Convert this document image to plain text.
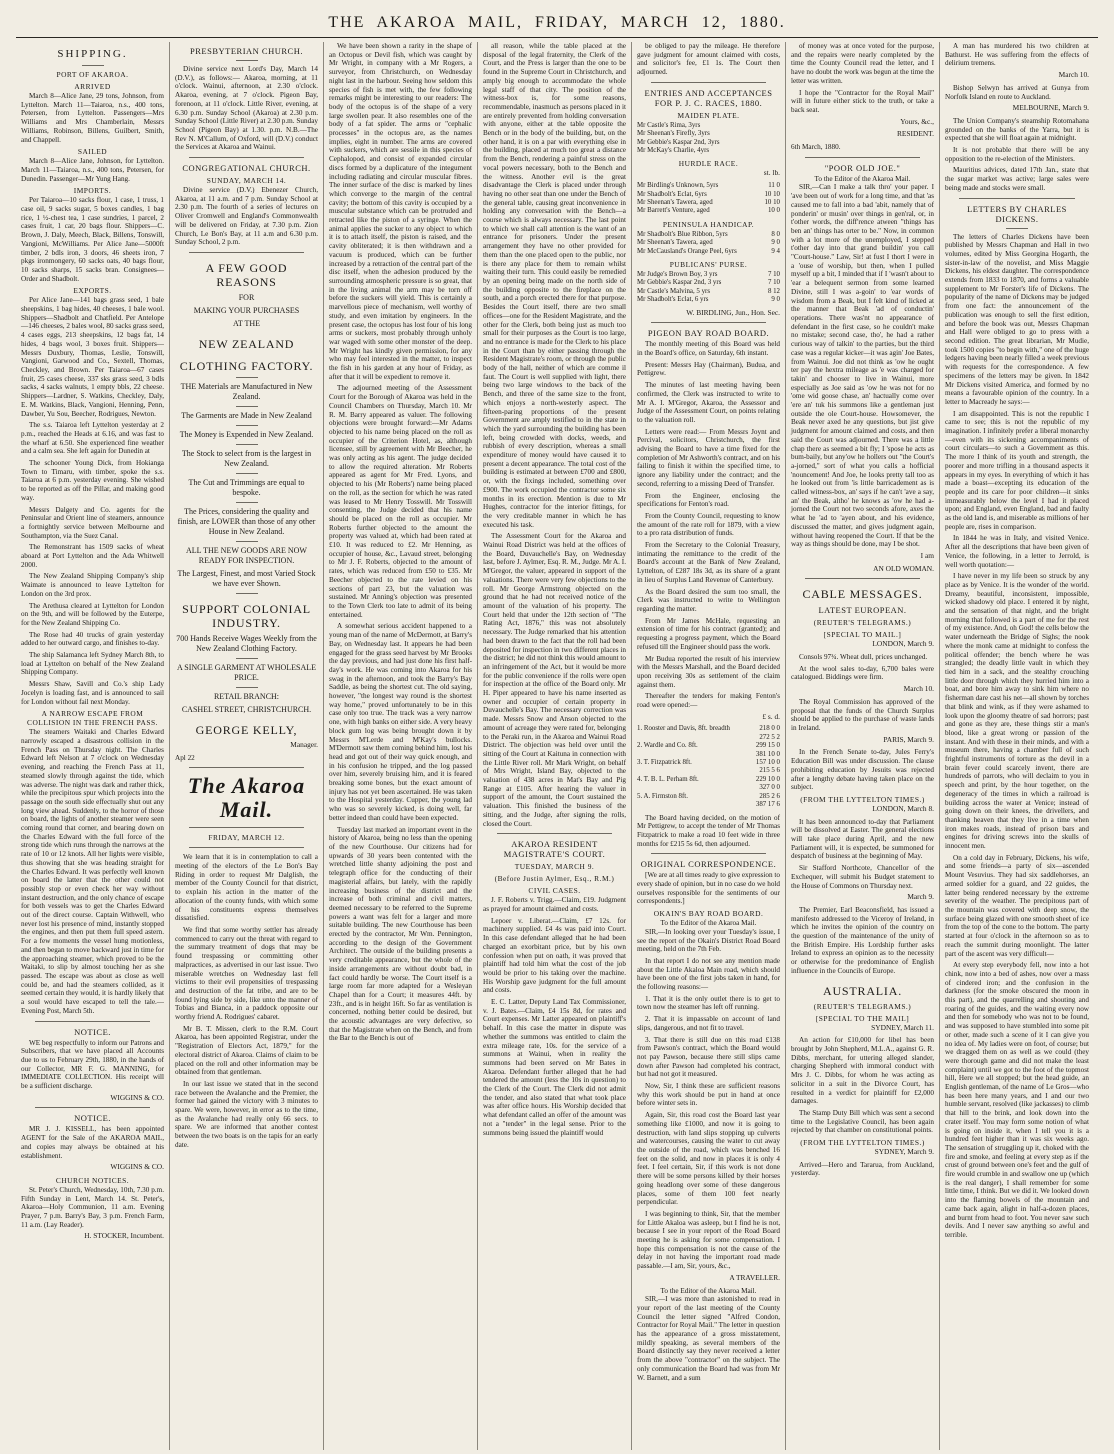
THE  AKAROA  MAIL,  FRIDAY,  MARCH  12,  1880.
SHIPPING.
PORT OF AKAROA.
ARRIVED

March 8—Alice Jane, 29 tons, Johnson, from Lyttelton. March 11—Taiaroa, n.s., 400 tons, Petersen, from Lyttelton. Passengers—Mrs Williams and Mrs Chamberlain, Messrs Williams, Robinson, Billens, Guilbert, Smith, and Chappell.

SAILED

March 8—Alice Jane, Johnson, for Lyttelton. March 11—Taiaroa, n.s., 400 tons, Petersen, for Dunedin. Passenger—Mr Yung Hang.

IMPORTS.

Per Taiaroa—10 sacks flour, 1 case, 1 truss, 1 case oil, 9 sacks sugar, 5 boxes candles, 1 bag rice, 1 ½-chest tea, 1 case sundries, 1 parcel, 2 cases fruit, 1 car, 20 bags flour. Shippers—C. Brown, J. Daly, Meech, Black, Billens, Tonswill, Vangioni, McWilliams. Per Alice Jane—5000ft timber, 2 bdls iron, 3 doors, 46 sheets iron, 7 pkgs ironmongery, 60 sacks oats, 40 bags flour, 10 sacks sharps, 15 sacks bran. Consignees—Order and Shadbolt.

EXPORTS.

Per Alice Jane—141 bags grass seed, 1 bale sheepskins, 1 bag hides, 40 cheeses, 1 bale wool. Shippers—Shadbolt and Chatfield. Per Antelope—146 cheeses, 2 bales wool, 80 sacks grass seed, 4 cases eggs, 213 sheepskins, 12 bags fat, 14 hides, 4 bags wool, 3 boxes fruit. Shippers—Messrs Duxbury, Thomas, Leslie, Tonswill, Vangioni, Garwood and Co., Sextell, Thomas, Checkley, and Brown. Per Taiaroa—67 cases fruit, 25 cases cheese, 337 sks grass seed, 3 bdls sacks, 4 sacks walnuts, 1 empty bbls, 22 cheese. Shippers—Lardner, S. Watkins, Checkley, Daly, E. M. Watkins, Black, Vangioni, Henning, Penn, Dawber, Yu Sou, Beecher, Rodrigues, Newton.

The s.s. Taiaroa left Lyttelton yesterday at 2 p.m., reached the Heads at 6.16, and was fast to the wharf at 6.50. She experienced fine weather and a calm sea. She left again for Dunedin at

The schooner Young Dick, from Hokianga Town to Timaru, with timber, spoke the s.s. Taiaroa at 6 p.m. yesterday evening. She wished to be reported as off the Pillar, and making good way.

Messrs Dalgety and Co. agents for the Peninsular and Orient line of steamers, announce a fortnightly service between Melbourne and Southampton, via the Suez Canal.

The Remonstrant has 1509 sacks of wheat aboard at Port Lyttelton and the Ada Whitwell 2000.

The New Zealand Shipping Company's ship Waimate is announced to leave Lyttelton for London on the 3rd prox.

The Arethusa cleared at Lyttelton for London on the 9th, and will be followed by the Euterpe, for the New Zealand Shipping Co.

The Rose had 40 trucks of grain yesterday added to her outward cargo, and finishes to-day.

The ship Salamanca left Sydney March 8th, to load at Lyttelton on behalf of the New Zealand Shipping Company.

Messrs Shaw, Savill and Co.'s ship Lady Jocelyn is loading fast, and is announced to sail for London without fail next Monday.

A NARROW ESCAPE FROM COLLISION IN THE FRENCH PASS.

The steamers Waitaki and Charles Edward narrowly escaped a disastrous collision in the French Pass on Thursday night. The Charles Edward left Nelson at 7 o'clock on Wednesday evening, and reaching the French Pass at 11, steamed slowly through against the tide, which was adverse. The night was dark and rather thick, while the precipitous spur which projects into the passage on the south side effectually shut out any long view ahead. Suddenly, to the horror of those on board, the lights of another steamer were seen coming round that corner, and bearing down on the Charles Edward with the full force of the strong tide which runs through the narrows at the rate of 10 or 12 knots. All her lights were visible, thus showing that she was heading straight for the Charles Edward. It was perfectly well known on board the latter that the other could not possibly stop or even check her way without instant destruction, and the only chance of escape for both vessels was to get the Charles Edward out of the direct course. Captain Withwell, who never lost his presence of mind, instantly stopped the engines, and then put them full speed astern. For a few moments the vessel hung motionless, and then began to move backward just in time for the approaching steamer, which proved to be the Waitaki, to slip by almost touching her as she passed. The escape was about as close as well could be, and had the steamers collided, as it seemed certain they would, it is hardly likely that a soul would have escaped to tell the tale.—Evening Post, March 5th.

NOTICE.

WE beg respectfully to inform our Patrons and Subscribers, that we have placed all Accounts due to us to February 29th, 1880, in the hands of our Collector, MR F. G. MANNING, for IMMEDIATE COLLECTION. His receipt will be a sufficient discharge.

WIGGINS & CO.
NOTICE.

MR J. J. KISSELL, has been appointed AGENT for the Sale of the AKAROA MAIL, and copies may always be obtained at his establishment.

WIGGINS & CO.
CHURCH NOTICES.

St. Peter's Church, Wednesday, 10th, 7.30 p.m. Fifth Sunday in Lent, March 14. St. Peter's, Akaroa—Holy Communion, 11 a.m. Evening Prayer, 7 p.m. Barry's Bay, 3 p.m. French Farm, 11 a.m. (Lay Reader).

H. STOCKER, Incumbent.
PRESBYTERIAN CHURCH.

Divine service next Lord's Day, March 14 (D.V.), as follows:— Akaroa, morning, at 11 o'clock. Wainui, afternoon, at 2.30 o'clock. Akaroa, evening, at 7 o'clock. Pigeon Bay, forenoon, at 11 o'clock. Little River, evening, at 6.30 p.m. Sunday School (Akaroa) at 2.30 p.m. Sunday School (Little River) at 2.30 p.m. Sunday School (Pigeon Bay) at 1.30. p.m. N.B.—The Rev N. M'Callum, of Oxford, will (D.V.) conduct the Services at Akaroa and Wainui.

CONGREGATIONAL CHURCH.
SUNDAY, MARCH 14.

Divine service (D.V.) Ebenezer Church, Akaroa, at 11 a.m. and 7 p.m. Sunday School at 2.30 p.m. The fourth of a series of lectures on Oliver Cromwell and England's Commonwealth will be delivered on Friday, at 7.30 p.m. Zion Church, Le Bon's Bay, at 11 a.m and 6.30 p.m. Sunday School, 2 p.m.

A FEW GOOD REASONS
FOR
MAKING YOUR PURCHASES
AT THE
NEW ZEALAND
CLOTHING FACTORY.
THE Materials are Manufactured in New Zealand.
The Garments are Made in New Zealand
The Money is Expended in New Zealand.
The Stock to select from is the largest in New Zealand.
The Cut and Trimmings are equal to bespoke.
The Prices, considering the quality and finish, are LOWER than those of any other House in New Zealand.
ALL THE NEW GOODS ARE NOW READY FOR INSPECTION.
The Largest, Finest, and most Varied Stock we have ever Shown.
SUPPORT COLONIAL INDUSTRY.
700 Hands Receive Wages Weekly from the New Zealand Clothing Factory.
A SINGLE GARMENT AT WHOLESALE PRICE.
RETAIL BRANCH:
CASHEL STREET, CHRISTCHURCH.
GEORGE KELLY,
Manager.
Apl 22
The Akaroa Mail.
FRIDAY, MARCH 12.

We learn that it is in contemplation to call a meeting of the electors of the Le Bon's Bay Riding in order to request Mr Dalglish, the member of the County Council for that district, to explain his action in the matter of the allocation of the county funds, with which some of his constituents express themselves dissatisfied.

We find that some worthy settler has already commenced to carry out the threat with regard to the summary treatment of dogs that may be found trespassing or committing other malpractices, as advertised in our last issue. Two miserable wretches on Wednesday last fell victims to their evil propensities of trespassing and destruction of the fat tribe, and are to be found lying side by side, like unto the manner of Tobias and Bianca, in a paddock opposite our worthy friend A. Rodrigues' cabaret.

Mr B. T. Missen, clerk to the R.M. Court Akaroa, has been appointed Registrar, under the "Registration of Electors Act, 1879," for the electoral district of Akaroa. Claims of claim to be placed on the roll and other information may be obtained from that gentleman.

In our last issue we stated that in the second race between the Avalanche and the Premier, the former had gained the victory with 3 minutes to spare. We were, however, in error as to the time, as the Avalanche had really only 66 secs. to spare. We are informed that another contest between the two boats is on the tapis for an early date.

We have been shown a rarity in the shape of an Octopus or Devil fish, which was caught by Mr Wright, in company with a Mr Rogers, a surveyor, from Christchurch, on Wednesday night last in the harbour. Seeing how seldom this species of fish is met with, the few following remarks might be interesting to our readers: The body of the octopus is of the shape of a very large swollen pear. It also resembles one of the body of a fat spider. The arms or "cephalic processes" in the octopus are, as the names implies, eight in number. The arms are covered with suckers, which are sessile in this species of Cephalopod, and consist of expanded circular discs formed by a duplicature of the integument including radiating and circular muscular fibres. The inner surface of the disc is marked by lines which converge to the margin of the central cavity; the bottom of this cavity is occupied by a muscular substance which can be protruded and retracted like the piston of a syringe. When the animal applies the sucker to any object to which it is to attach itself, the piston is raised, and the cavity obliterated; it is then withdrawn and a vacuum is produced, which can be further increased by a retraction of the central part of the disc itself, when the adhesion produced by the surrounding atmospheric pressure is so great, that in the living animal the arm may be torn off before the suckers will yield. This is certainly a marvellous piece of mechanism, well worthy of study, and even imitation by engineers. In the present case, the octopus has lost four of his long arms or suckers, most probably through unholy war waged with some other monster of the deep. Mr Wright has kindly given permission, for any who may feel interested in the matter, to inspect the fish in his garden at any hour of Friday, as after that it will be expedient to remove it.

The adjourned meeting of the Assessment Court for the Borough of Akaroa was held in the Council Chambers on Thursday, March 10. Mr R. M. Barry appeared as valuer. The following objections were brought forward:—Mr Adams objected to his name being placed on the roll as occupier of the Criterion Hotel, as, although licensee, still by agreement with Mr Beecher, he was only acting as his agent. The judge decided to allow the required alteration. Mr Roberts appeared as agent for Mr Fred. Lyons, and objected to his (Mr Roberts') name being placed on the roll, as the section for which he was rated was leased to Mr Henry Tosswill. Mr Tosswill consenting, the Judge decided that his name should be placed on the roll as occupier. Mr Roberts further objected to the amount the property was valued at, which had been rated at £10. It was reduced to £2. Mr Henning, as occupier of house, &c., Lavaud street, belonging to Mr J. F. Roberts, objected to the amount of rates, which was reduced from £50 to £35. Mr Beecher objected to the rate levied on his sections of part 23, but the valuation was sustained. Mr Anning's objection was presented to the Town Clerk too late to admit of its being entertained.

A somewhat serious accident happened to a young man of the name of McDermott, at Barry's Bay, on Wednesday last. It appears he had been engaged for the grass seed harvest by Mr Brooks the day previous, and had just done his first half-day's work. He was coming into Akaroa for his swag in the afternoon, and took the Barry's Bay Saddle, as being the shortest cut. The old saying, however, "the longest way round is the shortest way home," proved unfortunately to be in this case only too true. The track was a very narrow one, with high banks on either side. A very heavy block gum log was being brought down it by Messrs M'Lerde and M'Kay's bullocks. M'Dermott saw them coming behind him, lost his head and got out of their way quick enough, and in his confusion he tripped, and the log passed over him, severely bruising him, and it is feared breaking some bones, but the exact amount of injury has not yet been ascertained. He was taken to the Hospital yesterday. Cupper, the young lad who was so severely kicked, is doing well, far better indeed than could have been expected.

Tuesday last marked an important event in the history of Akaroa, being no less than the opening of the new Courthouse. Our citizens had for upwards of 30 years been contented with the wretched little shanty adjoining the post and telegraph office for the conducting of their magisterial affairs, but lately, with the rapidly increasing business of the district and the increase of both criminal and civil matters, deemed necessary to be referred to the Supreme powers a want was felt for a larger and more suitable building. The new Courthouse has been erected by the contractor, Mr Wm. Pennington, according to the design of the Government Architect. The outside of the building presents a very creditable appearance, but the whole of the inside arrangements are without doubt bad, in fact could hardly be worse. The Court itself is a large room far more adapted for a Wesleyan Chapel than for a Court; it measures 44ft. by 23ft., and is in height 16ft. So far as ventilation is concerned, nothing better could be desired, but the acoustic advantages are very defective, so that the Magistrate when on the Bench, and from the Bar to the Bench is out of

all reason, while the table placed at the disposal of the legal fraternity, the Clerk of the Court, and the Press is larger than the one to be found in the Supreme Court in Christchurch, and amply big enough to accommodate the whole legal staff of that city. The position of the witness-box is, for some reasons, recommendable, inasmuch as persons placed in it are entirely prevented from holding conversation with anyone, either at the table opposite the Bench or in the body of the building, but, on the other hand, it is on a par with everything else in the building, placed at much too great a distance from the Bench, rendering a painful stress on the vocal powers necessary, both to the Bench and the witness. Another evil is the great disadvantage the Clerk is placed under through having no other seat than one under the Bench of the general table, causing great inconvenience in holding any conversation with the Bench—a course which is always necessary. The last point to which we shall call attention is the want of an entrance for prisoners. Under the present arrangement they have no other provided for them than the one placed open to the public, nor is there any place for them to remain whilst waiting their turn. This could easily be remedied by an opening being made on the north side of the building opposite to the fireplace on the south, and a porch erected there for that purpose. Besides the Court itself, there are two small offices—one for the Resident Magistrate, and the other for the Clerk, both being just as much too small for their purposes as the Court is too large, and no entrance is made for the Clerk to his place in the Court than by either passing through the Resident Magistrate's room, or through the public body of the hall, neither of which are comme il faut. The Court is well supplied with light, there being two large windows to the back of the Bench, and three of the same size to the front, which enjoys a north-westerly aspect. The fifteen-paring proportions of the present Government are amply testified to in the state in which the yard surrounding the building has been left, being crowded with docks, weeds, and rubbish of every description, whereas a small expenditure of money would have caused it to present a decent appearance. The total cost of the building is estimated at between £700 and £800, or, with the fixings included, something over £900. The work occupied the contractor some six months in its erection. Mention is due to Mr Hughes, contractor for the interior fittings, for the very creditable manner in which he has executed his task.

The Assessment Court for the Akaroa and Wainui Road District was held at the offices of the Board, Duvauchelle's Bay, on Wednesday last, before J. Aylmer, Esq. R. M., Judge. Mr A. I. M'Gregor, the valuer, appeared in support of the valuations. There were very few objections to the roll. Mr George Armstrong objected on the ground that he had not received notice of the amount of the valuation of his property. The Court held that under the 12th section of "The Rating Act, 1876," this was not absolutely necessary. The Judge remarked that his attention had been drawn to the fact that the roll had been deposited for inspection in two different places in the district; he did not think this would amount to an infringement of the Act, but it would be more for the public convenience if the rolls were open for inspection at the office of the Board only. Mr H. Piper appeared to have his name inserted as owner and occupier of certain property in Duvauchelle's Bay. The necessary correction was made. Messrs Snow and Anson objected to the amount of acreage they were rated for, belonging to the Peraki run, in the Akaroa and Wainui Road District. The objection was held over until the sitting of the Court at Kaituna in connection with the Little River roll. Mr Mark Wright, on behalf of Mrs Wright, Island Bay, objected to the valuation of 438 acres in Mat's Bay and Pig Range at £105. After hearing the valuer in support of the amount, the Court sustained the valuation. This finished the business of the sitting, and the Judge, after signing the rolls, closed the Court.

AKAROA RESIDENT MAGISTRATE'S COURT.
TUESDAY, MARCH 9.
(Before Justin Aylmer, Esq., R.M.)
CIVIL CASES.

J. F. Roberts v. Trigg.—Claim, £19. Judgment as prayed for amount claimed and costs.

Lepoer v. Liberat.—Claim, £7 12s. for machinery supplied. £4 4s was paid into Court. In this case defendant alleged that he had been charged an exorbitant price, but by his own confession when put on oath, it was proved that plaintiff had told him what the cost of the job would be prior to his taking over the machine. His Worship gave judgment for the full amount and costs.

E. C. Latter, Deputy Land Tax Commissioner, v. J. Bates.—Claim, £4 15s 8d, for rates and Court expenses. Mr Latter appeared on plaintiff's behalf. In this case the matter in dispute was whether the summons was entitled to claim the extra mileage rate, 10s. for the service of a summons at Wainui, when in reality the summons had been served on Mr Bates in Akaroa. Defendant further alleged that he had tendered the amount (less the 10s in question) to the Clerk of the Court. The Clerk did not admit the tender, and also stated that what took place was after office hours. His Worship decided that what defendant called an offer of the amount was not a "tender" in the legal sense. Prior to the summons being issued the plaintiff would

be obliged to pay the mileage. He therefore gave judgment for amount claimed with costs, and solicitor's fee, £1 1s. The Court then adjourned.

ENTRIES AND ACCEPTANCES FOR P. J. C. RACES, 1880.
MAIDEN PLATE.
Mr Castle's Rima, 3yrs	
Mr Sheenan's Firefly, 3yrs	
Mr Gebbie's Kaspar 2nd, 3yrs	
Mr McKay's Charlie, 4yrs	
HURDLE RACE.
st. lb.
Mr Birdling's Unknown, 5yrs	11 0
Mr Shadbolt's Eclat, 6yrs	10 10
Mr Sheenan's Tawera, aged	10 10
Mr Barrett's Venture, aged	10 0
PENINSULA HANDICAP.
Mr Shadbolt's Blue Ribbon, 5yrs	8 0
Mr Sheenan's Tawera, aged	9 0
Mr McCausland's Orange Peel, 6yrs	9 4
PUBLICANS' PURSE.
Mr Judge's Brown Boy, 3 yrs	7 10
Mr Gebbie's Kaspar 2nd, 3 yrs	7 10
Mr Castle's Malvina, 5 yrs	8 12
Mr Shadbolt's Eclat, 6 yrs	9 0
W. BIRDLING, Jun., Hon. Sec.
PIGEON BAY ROAD BOARD.

The monthly meeting of this Board was held in the Board's office, on Saturday, 6th instant.

Present: Messrs Hay (Chairman), Budua, and Pettigrew.

The minutes of last meeting having been confirmed, the Clerk was instructed to write to Mr A. I. M'Gregor, Akaroa, the Assessor and Judge of the Assessment Court, on points relating to the valuation roll.

Letters were read:— From Messrs Joynt and Percival, solicitors, Christchurch, the first advising the Board to have a time fixed for the completion of Mr Ashworth's contract, and on his failing to finish it within the specified time, to ignore any liability under the contract; and the second, referring to a missing Deed of Transfer.

From the Engineer, enclosing the specifications for Fenton's road.

From the County Council, requesting to know the amount of the rate roll for 1879, with a view to a pro rata distribution of funds.

From the Secretary to the Colonial Treasury, intimating the remittance to the credit of the Board's account at the Bank of New Zealand, Lyttelton, of £287 18s 3d, as its share of a grant in lieu of Surplus Land Revenue of Canterbury.

As the Board desired the sum too small, the Clerk was instructed to write to Wellington regarding the matter.

From Mr James McHale, requesting an extension of time for his contract (granted); and requesting a progress payment, which the Board refused till the Engineer should pass the work.

Mr Budua reported the result of his interview with the Messrs Marshall, and the Board decided upon receiving 30s as settlement of the claim against them.

Thereafter the tenders for making Fenton's road were opened:—

£ s. d.
1. Rooster and Davis, 8ft. breadth	218 0 0
	272 5 2
2. Wardle and Co. 8ft.	299 15 0
	381 10 0
3. T. Fitzpatrick 8ft.	157 10 0
	215 5 6
4. T. B. L. Perham 8ft.	229 10 0
	327 0 0
5. A. Firmston 8ft.	285 2 6
	387 17 6

The Board having decided, on the motion of Mr Pettigrew, to accept the tender of Mr Thomas Fitzpatrick to make a road 10 feet wide in three months for £215 5s 6d, then adjourned.

ORIGINAL CORRESPONDENCE.

[We are at all times ready to give expression to every shade of opinion, but in no case do we hold ourselves responsible for the sentiments of our correspondents.]

OKAIN'S BAY ROAD BOARD.
To the Editor of the Akaroa Mail.

SIR,—In looking over your Tuesday's issue, I see the report of the Okain's District Road Board meeting, held on the 7th Feb.

In that report I do not see any mention made about the Little Akaloa Main road, which should have been one of the first jobs taken in hand, for the following reasons:—

1. That it is the only outlet there is to get to town now the steamer has left off running.

2. That it is impassable on account of land slips, dangerous, and not fit to travel.

3. That there is still due on this road £138 from Pawson's contract, which the Board would not pay Pawson, because there still slips came down after Pawson had completed his contract, but had not got it measured.

Now, Sir, I think these are sufficient reasons why this work should be put in hand at once before winter sets in.

Again, Sir, this road cost the Board last year something like £1000, and now it is going to destruction, with land slips stopping up culverts and watercourses, causing the water to cut away the outside of the road, which was benched 16 feet on the solid, and now in places it is only 4 feet. I feel certain, Sir, if this work is not done there will be some persons killed by their horses going headlong over some of these dangerous places, some of them 100 feet nearly perpendicular.

I was beginning to think, Sir, that the member for Little Akaloa was asleep, but I find he is not, because I see in your report of the Road Board meeting he is asking for some compensation. I hope this compensation is not the cause of the delay in not having the important road made passable.—I am, Sir, yours, &c.,

A TRAVELLER.
To the Editor of the Akaroa Mail.

SIR,—I was more than astonished to read in your report of the last meeting of the County Council the letter signed "Alfred Condon, Contractor for Royal Mail." The letter in question has the appearance of a gross misstatement, mildly speaking, as several members of the Board distinctly say they never received a letter from the above "contractor" on the subject. The only communication the Board had was from Mr W. Barnett, and a sum

of money was at once voted for the purpose, and the repairs were nearly completed by the time the County Council read the letter, and I have no doubt the work was begun at the time the letter was written.

I hope the "Contractor for the Royal Mail" will in future either stick to the truth, or take a back seat.

Yours, &c.,
RESIDENT.
6th March, 1880.
"POOR OLD JOE."
To the Editor of the Akaroa Mail.

SIR,—Can I make a talk thro' your paper. I 'ave been out of work for a long time, and that 'as caused me to fall into a bad 'abit, namely that of ponderin' or musin' over things in gen'ral, or, in t'other words, the diff'rence atween "things has ben an' things has orter to be." Now, in common with a lot more of the unemployed, I stepped t'other day into that grand buildin' you call "Court-house." Law, Sir! at fust I thort I were in a 'ouse of worship, but then, when I pulled myself up a bit, I minded that if I 'wasn't about to 'ear a belequent sermon from some learned Divine, still I was a-goin' to 'ear words of wisdom from a Beak, but I felt kind of licked at the manner that Beak 'ad of conductin' operations. There was'nt no appearance of defendant in the first case, so he couldn't make no mistake; second case, tho', he had a rather curious way of talkin' to the parties, but the third case was a regular kicker—it was agin' Joe Bates, from Wainui. Joe did not think as 'ow he ought ter pay the hextra mileage as 'e was charged for takin' and chooser to live in Wainui, more especially as Joe said as 'ow he was not for no 'ome wid goose chase, an' hactually come over 'ere an' tuk his summons like a gentleman just outside the ole Court-house. Howsomever, the Beak never axed he any questions, but jist give judgment for amount claimed and costs, and then said the Court was adjourned. There was a little chap there as seemed a bit fly; I 'spose he acts as bum-baily, but any'ow he hollers out "the Court's a-jorned," sort of what you calls a hofficial 'nouncement! And Joe, he looks pretty tall too as he looked out from 'is little barricadement as is called witness-box, an' says if he can't 'ave a say, an' the Beak, altho' he knows as 'ow he had a-jorned the Court not two seconds afore, axes the what he 'ad to 'ayen about, and his evidence, discussed the matter, and gives judgment again, without having reopened the Court. If that be the way as things should be done, may I be shot.

I am
AN OLD WOMAN.
CABLE MESSAGES.
LATEST EUROPEAN.
(REUTER'S TELEGRAMS.)
[SPECIAL TO MAIL.]
LONDON, March 9.

Consols 97¾. Wheat dull, prices unchanged.

At the wool sales to-day, 6,700 bales were catalogued. Biddings were firm.

March 10.

The Royal Commission has approved of the proposal that the funds of the Church Surplus should be applied to the purchase of waste lands in Ireland.

PARIS, March 9.

In the French Senate to-day, Jules Ferry's Education Bill was under discussion. The clause prohibiting education by Jesuits was rejected after a lengthy debate having taken place on the subject.

(FROM THE LYTTELTON TIMES.)
LONDON, March 8.

It has been announced to-day that Parliament will be dissolved at Easter. The general elections will take place during April, and the new Parliament will, it is expected, be summoned for despatch of business at the beginning of May.

Sir Stafford Northcote, Chancellor of the Exchequer, will submit his Budget statement to the House of Commons on Thursday next.

March 9.

The Premier, Earl Beaconsfield, has issued a manifesto addressed to the Viceroy of Ireland, in which he invites the opinion of the country on the question of the maintenance of the unity of the British Empire. His Lordship further asks Ireland to express an opinion as to the necessity or otherwise for the predominance of English influence in the Councils of Europe.

AUSTRALIA.
(REUTER'S TELEGRAMS.)
[SPECIAL TO THE MAIL]
SYDNEY, March 11.

An action for £10,000 for libel has been brought by John Shepherd, M.L.A., against G. R. Dibbs, merchant, for uttering alleged slander, charging Shepherd with immoral conduct with Mrs J. C. Dibbs, for whom he was acting as solicitor in a suit in the Divorce Court, has resulted in a verdict for plaintiff for £2,000 damages.

The Stamp Duty Bill which was sent a second time to the Legislative Council, has been again rejected by that chamber on constitutional points.

(FROM THE LYTTELTON TIMES.)
SYDNEY, March 9.

Arrived—Hero and Tararua, from Auckland, yesterday.

A man has murdered his two children at Bathurst. He was suffering from the effects of delirium tremens.

March 10.

Bishop Selwyn has arrived at Gunya from Norfolk Island en route to Auckland.

MELBOURNE, March 9.

The Union Company's steamship Rotomahana grounded on the banks of the Yarra, but it is expected that she will float again at midnight.

It is not probable that there will be any opposition to the re-election of the Ministers.

Mauritius advices, dated 17th Jan., state that the sugar market was active; large sales were being made and stocks were small.

LETTERS BY CHARLES DICKENS.

The letters of Charles Dickens have been published by Messrs Chapman and Hall in two volumes, edited by Miss Georgina Hogarth, the sister-in-law of the novelist, and Miss Maggie Dickens, his eldest daughter. The correspondence extends from 1833 to 1870, and forms a valuable supplement to Mr Forster's life of Dickens. The popularity of the name of Dickens may be judged from one fact: the announcement of the publication was enough to sell the first edition, and before the book was out, Messrs Chapman and Hall were obliged to go to press with a second edition. The great librarian, Mr Mudie, took 1500 copies "to begin with," one of the huge ledgers having been nearly filled a week previous with requests for the correspondence. A few specimens of the letters may be given. In 1842 Mr Dickens visited America, and formed by no means a favourable opinion of the country. In a letter to Macready he says:—

I am disappointed. This is not the republic I came to see; this is not the republic of my imagination. I infinitely prefer a liberal monarchy—even with its sickening accompaniments of court circulars—to such a Government as this. The more I think of its youth and strength, the poorer and more trifling in a thousand aspects it appears in my eyes. In everything of which it has made a boast—excepting its education of the people and its care for poor children—it sinks immeasurably below the level I had it placed upon; and England, even England, bad and faulty as the old land is, and miserable as millions of her people are, rises in comparison.

In 1844 he was in Italy, and visited Venice. After all the descriptions that have been given of Venice, the following, in a letter to Jerrold, is well worth quotation:—

I have never in my life been so struck by any place as by Venice. It is the wonder of the world. Dreamy, beautiful, inconsistent, impossible, wicked shadowy old place. I entered it by night, and the sensation of that night, and the bright morning that followed is a part of me for the rest of my existence. And, oh God! the cells below the water underneath the Bridge of Sighs; the nook where the monk came at midnight to confess the political offender; the bench where he was strangled; the deadly little vault in which they tied him in a sack, and the stealthy crouching little door through which they hurried him into a boat, and bore him away to sink him where no fisherman dare cast his net—all shown by torches that blink and wink, as if they were ashamed to look upon the gloomy theatre of sad horrors; past and gone as they are, these things stir a man's blood, like a great wrong or passion of the instant. And with these in their minds, and with a museum there, having a chamber full of such frightful instruments of torture as the devil in a brain fever could scarcely invent, there are hundreds of parrots, who will declaim to you in speech and print, by the hour together, on the degeneracy of the times in which a railroad is building across the water at Venice; instead of going down on their knees, the drivellers, and thanking heaven that they live in a time when iron makes roads, instead of prison bars and engines for driving screws into the skulls of innocent men.

On a cold day in February, Dickens, his wife, and some friends—a party of six—ascended Mount Vesuvius. They had six saddlehorses, an armed soldier for a guard, and 22 guides, the latter being rendered necessary by the extreme severity of the weather. The precipitous part of the mountain was covered with deep snow, the surface being glazed with one smooth sheet of ice from the top of the cone to the bottom. The party started at four o'clock in the afternoon so as to reach the summit during moonlight. The latter part of the ascent was very difficult—

At every step everybody fell, now into a hot chink, now into a bed of ashes, now over a mass of cindered iron; and the confusion in the darkness (for the smoke obscured the moon in this part), and the quarrelling and shouting and roaring of the guides, and the waiting every now and then for somebody who was not to be found, and was supposed to have stumbled into some pit or other, made such a scene of it I can give you no idea of. My ladies were on foot, of course; but we dragged them on as well as we could (they were thorough game and did not make the least complaint) until we got to the foot of the topmost hill, Here we all stopped; but the head guide, an English gentleman, of the name of Le Gros—who has been here many years, and I and our two humble servant, resolved (like jackasses) to climb that hill to the brink, and look down into the crater itself. You may form some notion of what is going on inside it, when I tell you it is a hundred feet higher than it was six weeks ago. The sensation of struggling up it, choked with the fire and smoke, and feeling at every step as if the crust of ground between one's feet and the gulf of fire would crumble in and swallow one up (which is the real danger), I shall remember for some little time, I think. But we did it. We looked down into the flaming bowels of the mountain and came back again, alight in half-a-dozen places, and burnt from head to foot. You never saw such devils. And I never saw anything so awful and terrible.
